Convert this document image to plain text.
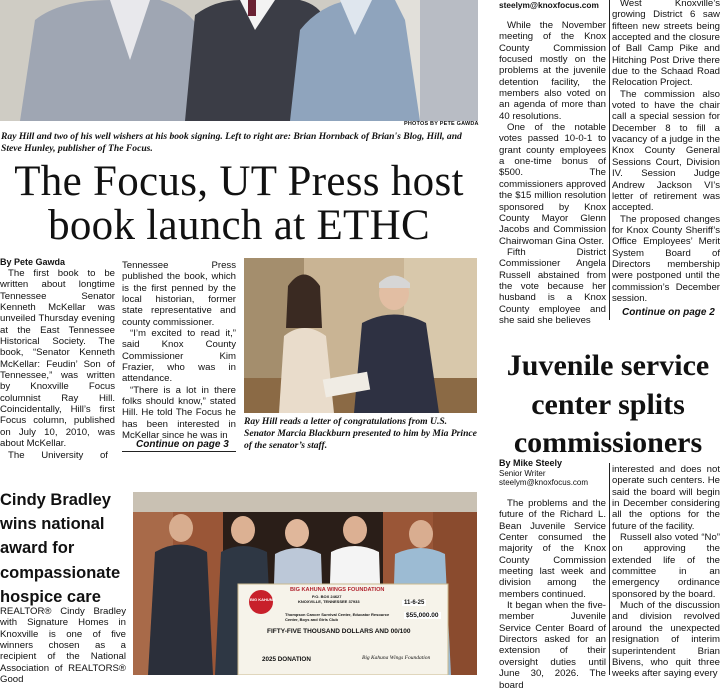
PHOTOS BY PETE GAWDA
Ray Hill and two of his well wishers at his book signing. Left to right are: Brian Hornback of Brian's Blog, Hill, and Steve Hunley, publisher of The Focus.
The Focus, UT Press host
book launch at ETHC
By Pete Gawda

The first book to be written about longtime Tennessee Senator Kenneth McKellar was unveiled Thursday evening at the East Tennessee Historical Society. The book, “Senator Kenneth McKellar: Feudin’ Son of Tennessee,” was written by Knoxville Focus columnist Ray Hill. Coincidentally, Hill’s first Focus column, published on July 10, 2010, was about McKellar.

The University of

Tennessee Press published the book, which is the first penned by the local historian, former state representative and county commissioner.

“I’m excited to read it,” said Knox County Commissioner Kim Frazier, who was in attendance.

“There is a lot in there folks should know,” stated Hill. He told The Focus he has been interested in McKellar since he was in

Continue on page 3
Ray Hill reads a letter of congratulations from U.S. Senator Marcia Blackburn presented to him by Mia Prince of the senator’s staff.
Cindy Bradley wins national award for compassionate hospice care

REALTOR® Cindy Bradley with Signature Homes in Knoxville is one of five winners chosen as a recipient of the National Association of REALTORS® Good

BIG KAHUNA
BIG KAHUNA WINGS FOUNDATION
P.O. BOX 24627
KNOXVILLE, TENNESSEE 37933	11-6-25
Thompson Cancer Survival Center, Educator Resource Center, Boys and Girls Club
$55,000.00
FIFTY-FIVE THOUSAND DOLLARS AND 00/100
2025 DONATION	Big Kahuna Wings Foundation
steelym@knoxfocus.com

While the November meeting of the Knox County Commission focused mostly on the problems at the juvenile detention facility, the members also voted on an agenda of more than 40 resolutions.

One of the notable votes passed 10-0-1 to grant county employees a one-time bonus of $500. The commissioners approved the $15 million resolution sponsored by Knox County Mayor Glenn Jacobs and Commission Chairwoman Gina Oster.

Fifth District Commissioner Angela Russell abstained from the vote because her husband is a Knox County employee and she said she believes

West Knoxville’s growing District 6 saw fifteen new streets being accepted and the closure of Ball Camp Pike and Hitching Post Drive there due to the Schaad Road Relocation Project.

The commission also voted to have the chair call a special session for December 8 to fill a vacancy of a judge in the Knox County General Sessions Court, Division IV. Session Judge Andrew Jackson VI’s letter of retirement was accepted.

The proposed changes for Knox County Sheriff’s Office Employees’ Merit System Board of Directors membership were postponed until the commission’s December session.

Continue on page 2
Juvenile service
center splits
commissioners
By Mike Steely
Senior Writer
steelym@knoxfocus.com

The problems and the future of the Richard L. Bean Juvenile Service Center consumed the majority of the Knox County Commission meeting last week and division among the members continued.

It began when the five-member Juvenile Service Center Board of Directors asked for an extension of their oversight duties until June 30, 2026. The board

interested and does not operate such centers. He said the board will begin in December considering all the options for the future of the facility.

Russell also voted “No” on approving the extended life of the committee in an emergency ordinance sponsored by the board.

Much of the discussion and division revolved around the unexpected resignation of interim superintendent Brian Bivens, who quit three weeks after saying every
